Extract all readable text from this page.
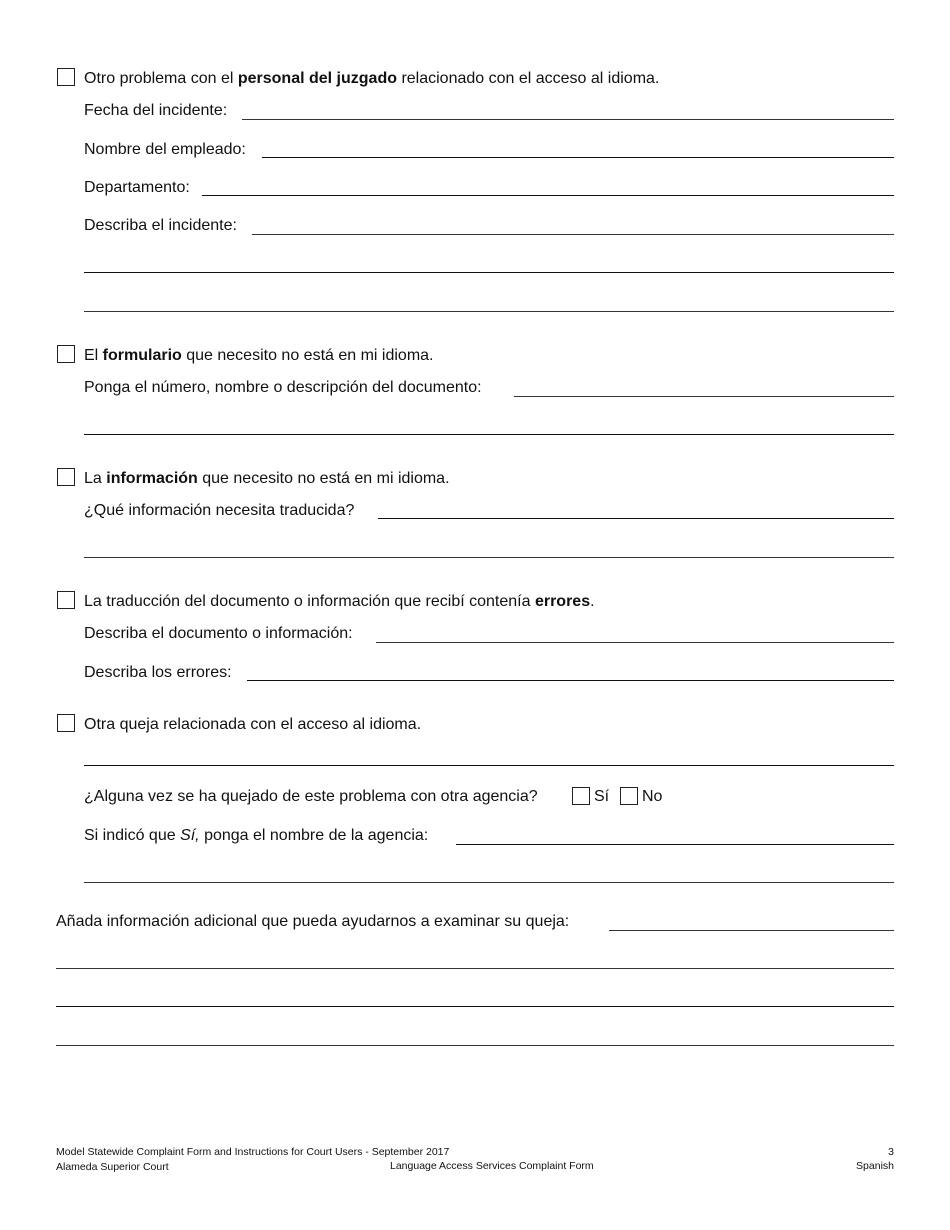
Otro problema con el personal del juzgado relacionado con el acceso al idioma.
Fecha del incidente:
Nombre del empleado:
Departamento:
Describa el incidente:
El formulario que necesito no está en mi idioma.
Ponga el número, nombre o descripción del documento:
La información que necesito no está en mi idioma.
¿Qué información necesita traducida?
La traducción del documento o información que recibí contenía errores.
Describa el documento o información:
Describa los errores:
Otra queja relacionada con el acceso al idioma.
¿Alguna vez se ha quejado de este problema con otra agencia?	Sí No
Si indicó que Sí, ponga el nombre de la agencia:
Añada información adicional que pueda ayudarnos a examinar su queja:
Model Statewide Complaint Form and Instructions for Court Users - September 2017
Alameda Superior Court	Language Access Services Complaint Form
3
Spanish
